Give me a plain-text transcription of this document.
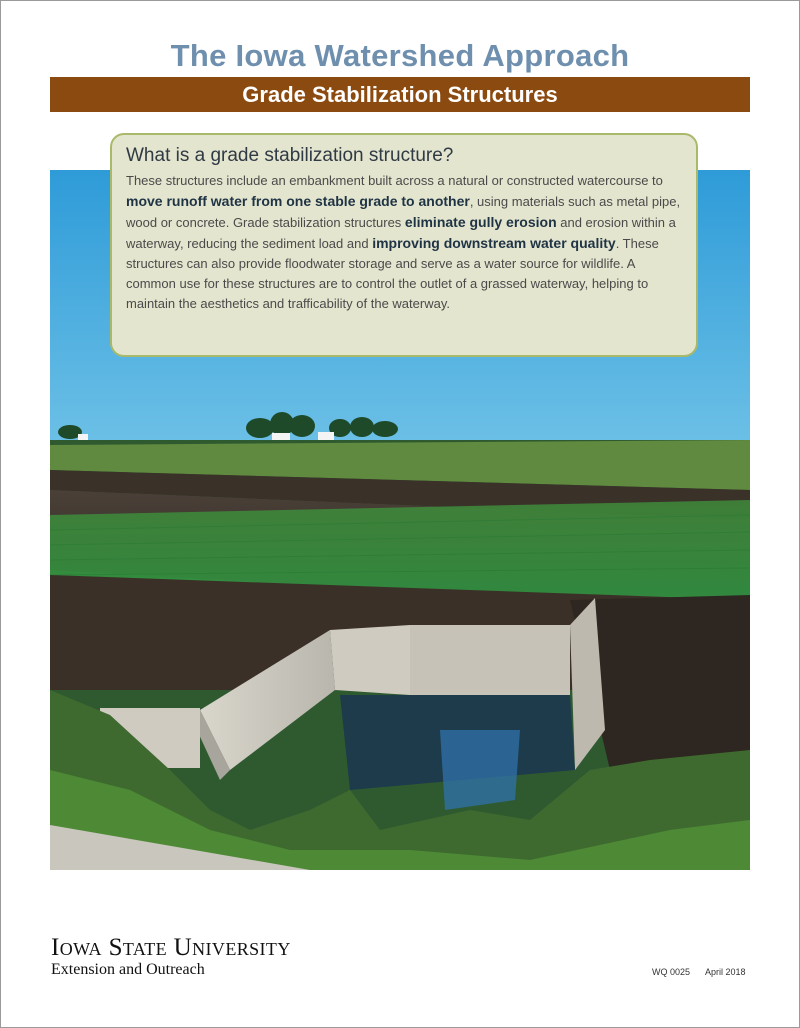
The Iowa Watershed Approach
Grade Stabilization Structures
What is a grade stabilization structure?
These structures include an embankment built across a natural or constructed watercourse to move runoff water from one stable grade to another, using materials such as metal pipe, wood or concrete. Grade stabilization structures eliminate gully erosion and erosion within a waterway, reducing the sediment load and improving downstream water quality. These structures can also provide floodwater storage and serve as a water source for wildlife. A common use for these structures are to control the outlet of a grassed waterway, helping to maintain the aesthetics and trafficability of the waterway.
Iowa State University
Extension and Outreach	WQ 0025 April 2018
